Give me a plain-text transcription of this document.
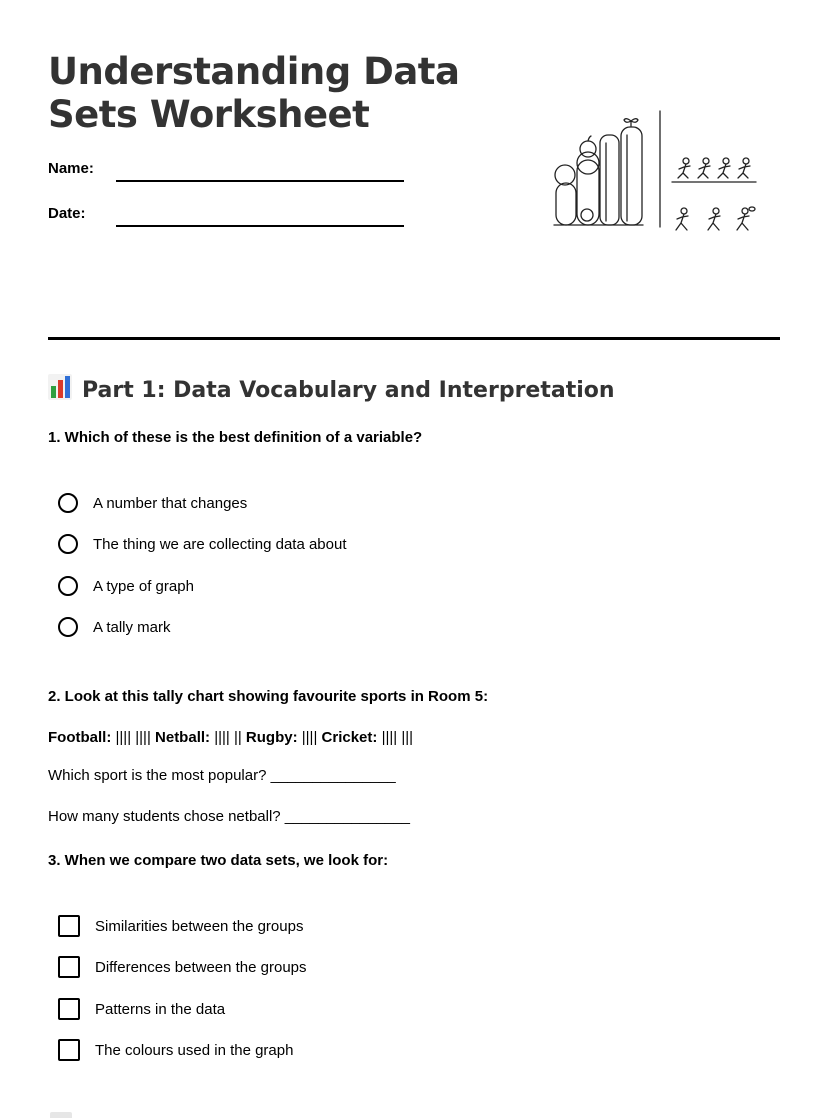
Understanding Data
Sets Worksheet
Name:
Date:
Part 1: Data Vocabulary and Interpretation
1. Which of these is the best definition of a variable?
A number that changes
The thing we are collecting data about
A type of graph
A tally mark
2. Look at this tally chart showing favourite sports in Room 5:
Football: |||| |||| Netball: |||| || Rugby: |||| Cricket: |||| |||
Which sport is the most popular? _______________
How many students chose netball? _______________
3. When we compare two data sets, we look for:
Similarities between the groups
Differences between the groups
Patterns in the data
The colours used in the graph
